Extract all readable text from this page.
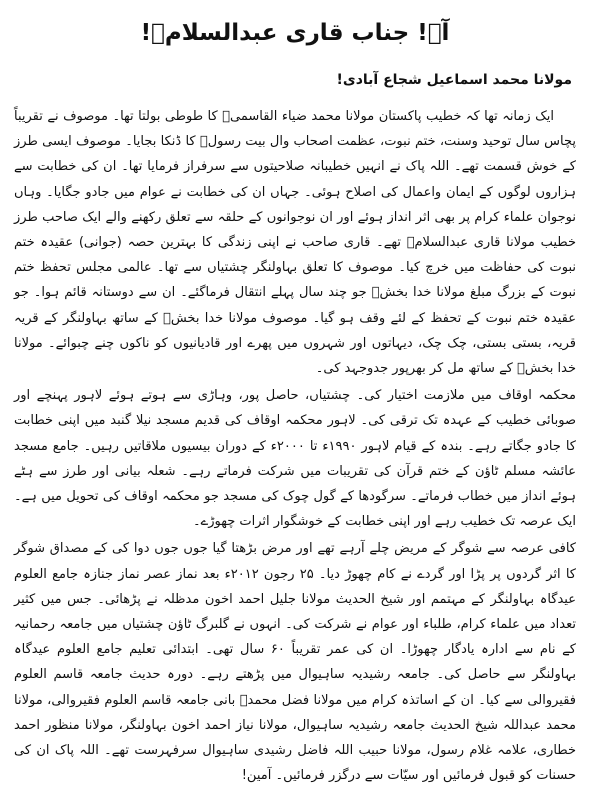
آہ! جناب قاری عبدالسلامؒ!
مولانا محمد اسماعیل شجاع آبادی!

ایک زمانہ تھا کہ خطیب پاکستان مولانا محمد ضیاء القاسمیؒ کا طوطی بولتا تھا۔ موصوف نے تقریباً پچاس سال توحید وسنت، ختم نبوت، عظمت اصحاب وال بیت رسولؐ کا ڈنکا بجایا۔ موصوف ایسی طرز کے خوش قسمت تھے۔ اللہ پاک نے انہیں خطیبانہ صلاحیتوں سے سرفراز فرمایا تھا۔ ان کی خطابت سے ہزاروں لوگوں کے ایمان واعمال کی اصلاح ہوئی۔ جہاں ان کی خطابت نے عوام میں جادو جگایا۔ وہاں نوجوان علماء کرام پر بھی اثر انداز ہوئے اور ان نوجوانوں کے حلقہ سے تعلق رکھنے والے ایک صاحب طرز خطیب مولانا قاری عبدالسلامؒ تھے۔ قاری صاحب نے اپنی زندگی کا بہترین حصہ (جوانی) عقیدہ ختم نبوت کی حفاظت میں خرچ کیا۔ موصوف کا تعلق بہاولنگر چشتیاں سے تھا۔ عالمی مجلس تحفظ ختم نبوت کے بزرگ مبلغ مولانا خدا بخشؒ جو چند سال پہلے انتقال فرماگئے۔ ان سے دوستانہ قائم ہوا۔ جو عقیدہ ختم نبوت کے تحفظ کے لئے وقف ہو گیا۔ موصوف مولانا خدا بخشؒ کے ساتھ بہاولنگر کے قریہ قریہ، بستی بستی، چک چک، دیہاتوں اور شہروں میں پھرے اور قادیانیوں کو ناکوں چنے چبوائے۔ مولانا خدا بخشؒ کے ساتھ مل کر بھرپور جدوجہد کی۔

محکمہ اوقاف میں ملازمت اختیار کی۔ چشتیاں، حاصل پور، وہاڑی سے ہوتے ہوئے لاہور پہنچے اور صوبائی خطیب کے عہدہ تک ترقی کی۔ لاہور محکمہ اوقاف کی قدیم مسجد نیلا گنبد میں اپنی خطابت کا جادو جگاتے رہے۔ بندہ کے قیام لاہور ۱۹۹۰ء تا ۲۰۰۰ء کے دوران بیسیوں ملاقاتیں رہیں۔ جامع مسجد عائشہ مسلم ٹاؤن کے ختم قرآن کی تقریبات میں شرکت فرماتے رہے۔ شعلہ بیانی اور طرز سے ہٹے ہوئے انداز میں خطاب فرماتے۔ سرگودھا کے گول چوک کی مسجد جو محکمہ اوقاف کی تحویل میں ہے۔ ایک عرصہ تک خطیب رہے اور اپنی خطابت کے خوشگوار اثرات چھوڑے۔

کافی عرصہ سے شوگر کے مریض چلے آرہے تھے اور مرض بڑھتا گیا جوں جوں دوا کی کے مصداق شوگر کا اثر گردوں پر پڑا اور گردے نے کام چھوڑ دیا۔ ۲۵ رجون ۲۰۱۲ء بعد نماز عصر نماز جنازہ جامع العلوم عیدگاہ بہاولنگر کے مہتمم اور شیخ الحدیث مولانا جلیل احمد اخون مدظلہ نے پڑھائی۔ جس میں کثیر تعداد میں علماء کرام، طلباء اور عوام نے شرکت کی۔ انہوں نے گلبرگ ٹاؤن چشتیاں میں جامعہ رحمانیہ کے نام سے ادارہ یادگار چھوڑا۔ ان کی عمر تقریباً ۶۰ سال تھی۔ ابتدائی تعلیم جامع العلوم عیدگاہ بہاولنگر سے حاصل کی۔ جامعہ رشیدیہ ساہیوال میں پڑھتے رہے۔ دورہ حدیث جامعہ قاسم العلوم فقیروالی سے کیا۔ ان کے اساتذہ کرام میں مولانا فضل محمدؒ بانی جامعہ قاسم العلوم فقیروالی، مولانا محمد عبداللہ شیخ الحدیث جامعہ رشیدیہ ساہیوال، مولانا نیاز احمد اخون بہاولنگر، مولانا منظور احمد خطاری، علامہ غلام رسول، مولانا حبیب اللہ فاضل رشیدی ساہیوال سرفہرست تھے۔ اللہ پاک ان کی حسنات کو قبول فرمائیں اور سیّات سے درگزر فرمائیں۔ آمین!
